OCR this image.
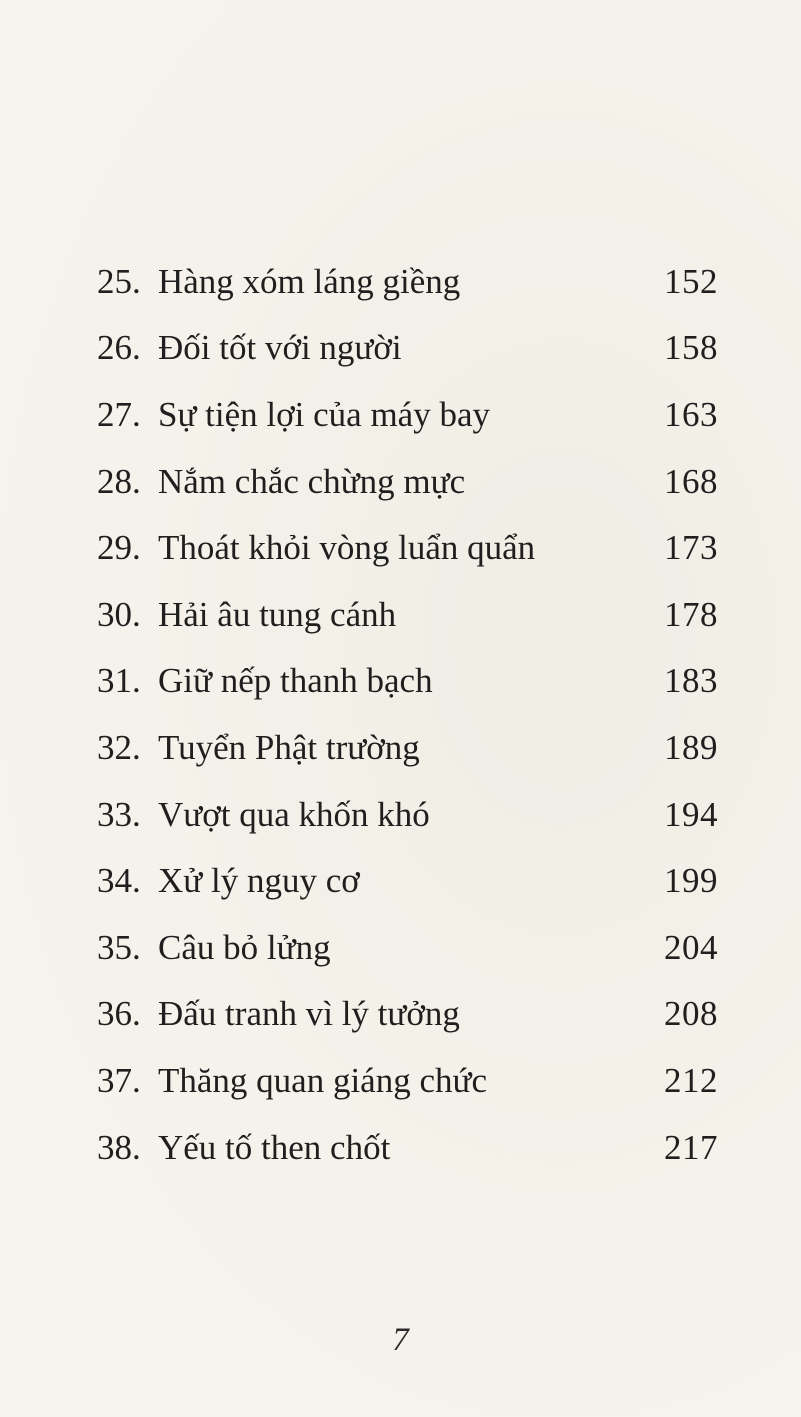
25. Hàng xóm láng giềng	152
26. Đối tốt với người	158
27. Sự tiện lợi của máy bay	163
28. Nắm chắc chừng mực	168
29. Thoát khỏi vòng luẩn quẩn	173
30. Hải âu tung cánh	178
31. Giữ nếp thanh bạch	183
32. Tuyển Phật trường	189
33. Vượt qua khốn khó	194
34. Xử lý nguy cơ	199
35. Câu bỏ lửng	204
36. Đấu tranh vì lý tưởng	208
37. Thăng quan giáng chức	212
38. Yếu tố then chốt	217
7
